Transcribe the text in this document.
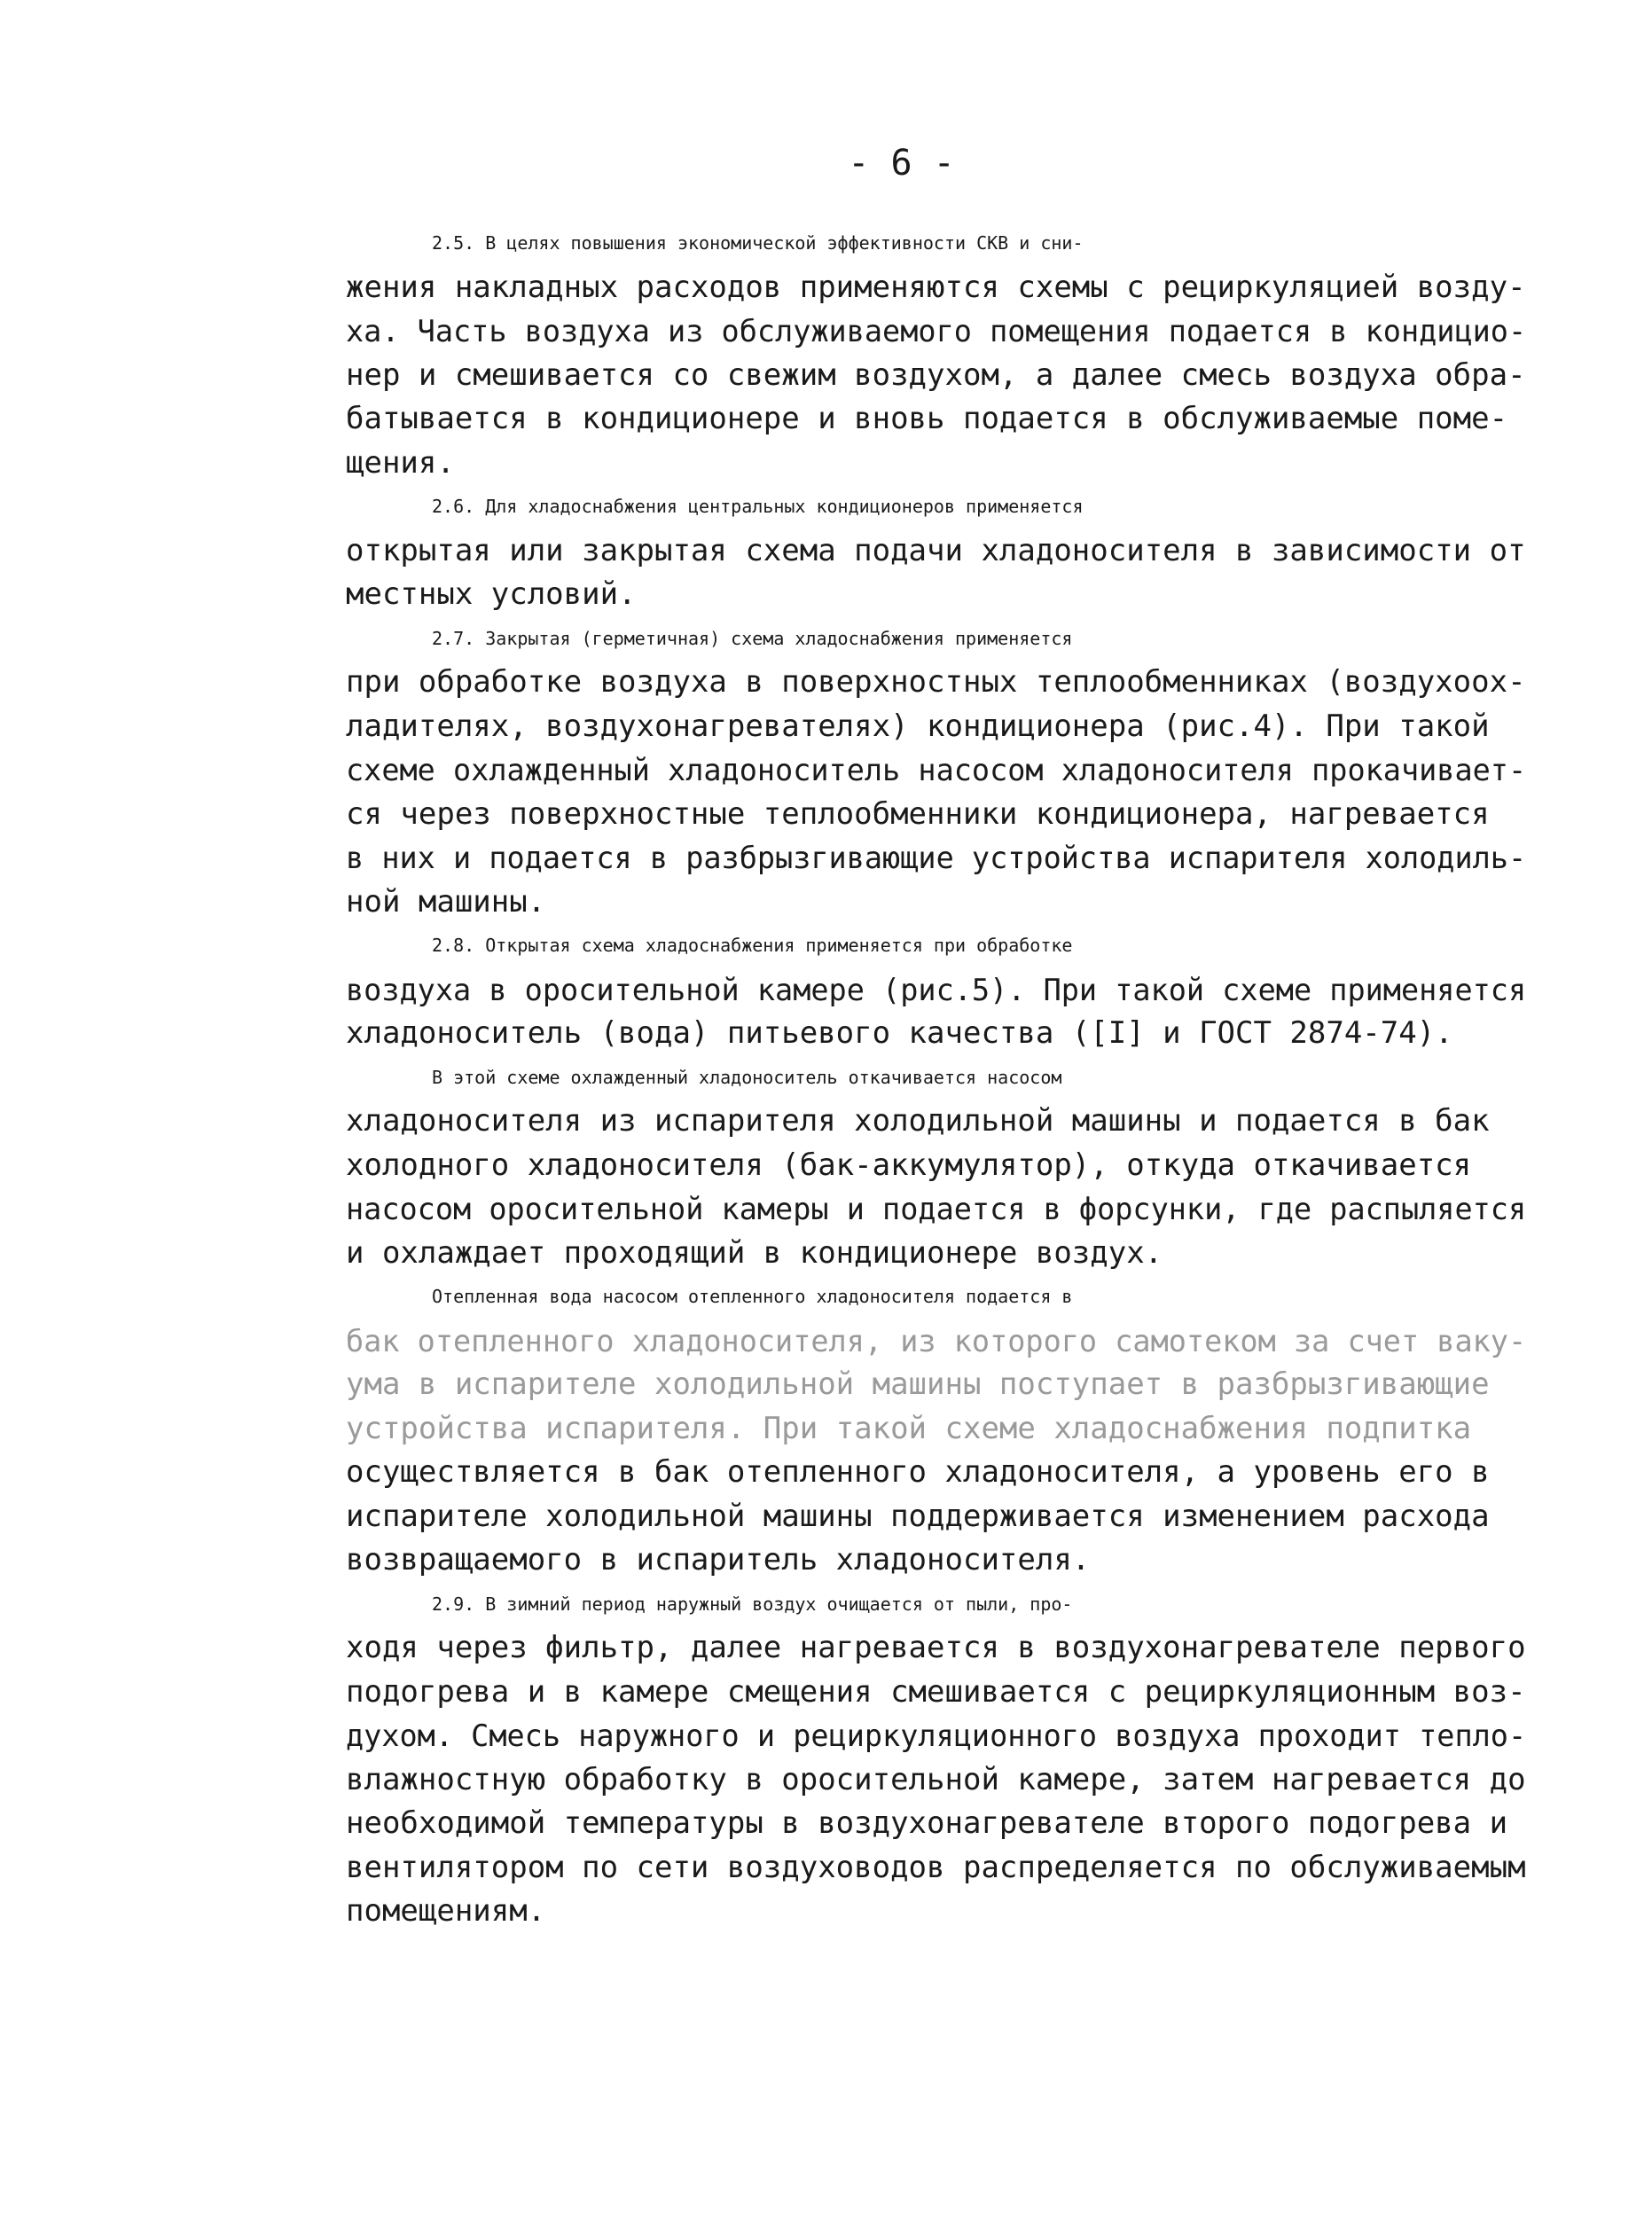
- 6 -
2.5. В целях повышения экономической эффективности СКВ и сни-
жения накладных расходов применяются схемы с рециркуляцией возду-
ха. Часть воздуха из обслуживаемого помещения подается в кондицио-
нер и смешивается со свежим воздухом, а далее смесь воздуха обра-
батывается в кондиционере и вновь подается в обслуживаемые поме-
щения.
2.6. Для хладоснабжения центральных кондиционеров применяется
открытая или закрытая схема подачи хладоносителя в зависимости от
местных условий.
2.7. Закрытая (герметичная) схема хладоснабжения применяется
при обработке воздуха в поверхностных теплообменниках (воздухоох-
ладителях, воздухонагревателях) кондиционера (рис.4). При такой
схеме охлажденный хладоноситель насосом хладоносителя прокачивает-
ся через поверхностные теплообменники кондиционера, нагревается
в них и подается в разбрызгивающие устройства испарителя холодиль-
ной машины.
2.8. Открытая схема хладоснабжения применяется при обработке
воздуха в оросительной камере (рис.5). При такой схеме применяется
хладоноситель (вода) питьевого качества ([I] и ГОСТ 2874-74).
В этой схеме охлажденный хладоноситель откачивается насосом
хладоносителя из испарителя холодильной машины и подается в бак
холодного хладоносителя (бак-аккумулятор), откуда откачивается
насосом оросительной камеры и подается в форсунки, где распыляется
и охлаждает проходящий в кондиционере воздух.
Отепленная вода насосом отепленного хладоносителя подается в
бак отепленного хладоносителя, из которого самотеком за счет ваку-
ума в испарителе холодильной машины поступает в разбрызгивающие
устройства испарителя. При такой схеме хладоснабжения подпитка
осуществляется в бак отепленного хладоносителя, а уровень его в
испарителе холодильной машины поддерживается изменением расхода
возвращаемого в испаритель хладоносителя.
2.9. В зимний период наружный воздух очищается от пыли, про-
ходя через фильтр, далее нагревается в воздухонагревателе первого
подогрева и в камере смещения смешивается с рециркуляционным воз-
духом. Смесь наружного и рециркуляционного воздуха проходит тепло-
влажностную обработку в оросительной камере, затем нагревается до
необходимой температуры в воздухонагревателе второго подогрева и
вентилятором по сети воздуховодов распределяется по обслуживаемым
помещениям.
